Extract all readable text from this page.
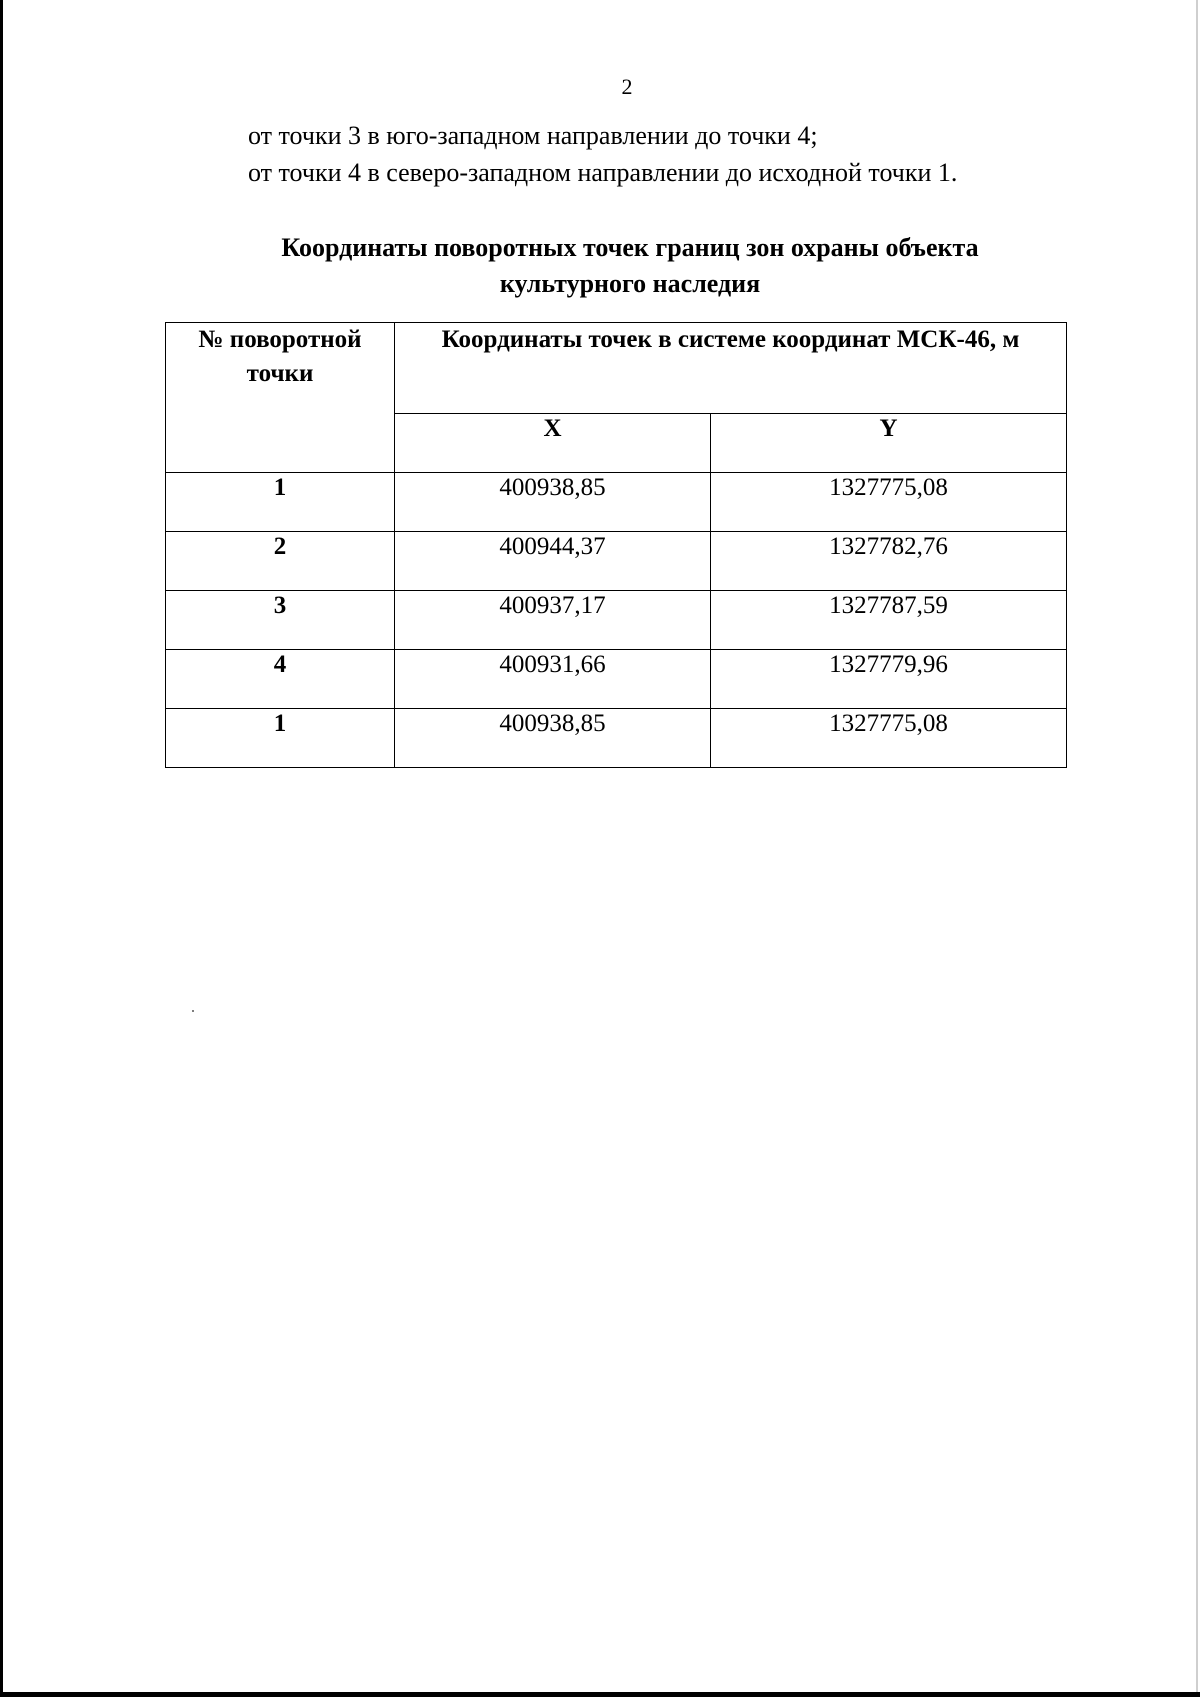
2
от точки 3 в юго-западном направлении до точки 4;
от точки 4 в северо-западном направлении до исходной точки 1.
Координаты поворотных точек границ зон охраны объекта
культурного наследия
№ поворотной точки	Координаты точек в системе координат МСК-46, м	
	X	Y
1	400938,85	1327775,08
2	400944,37	1327782,76
3	400937,17	1327787,59
4	400931,66	1327779,96
1	400938,85	1327775,08
